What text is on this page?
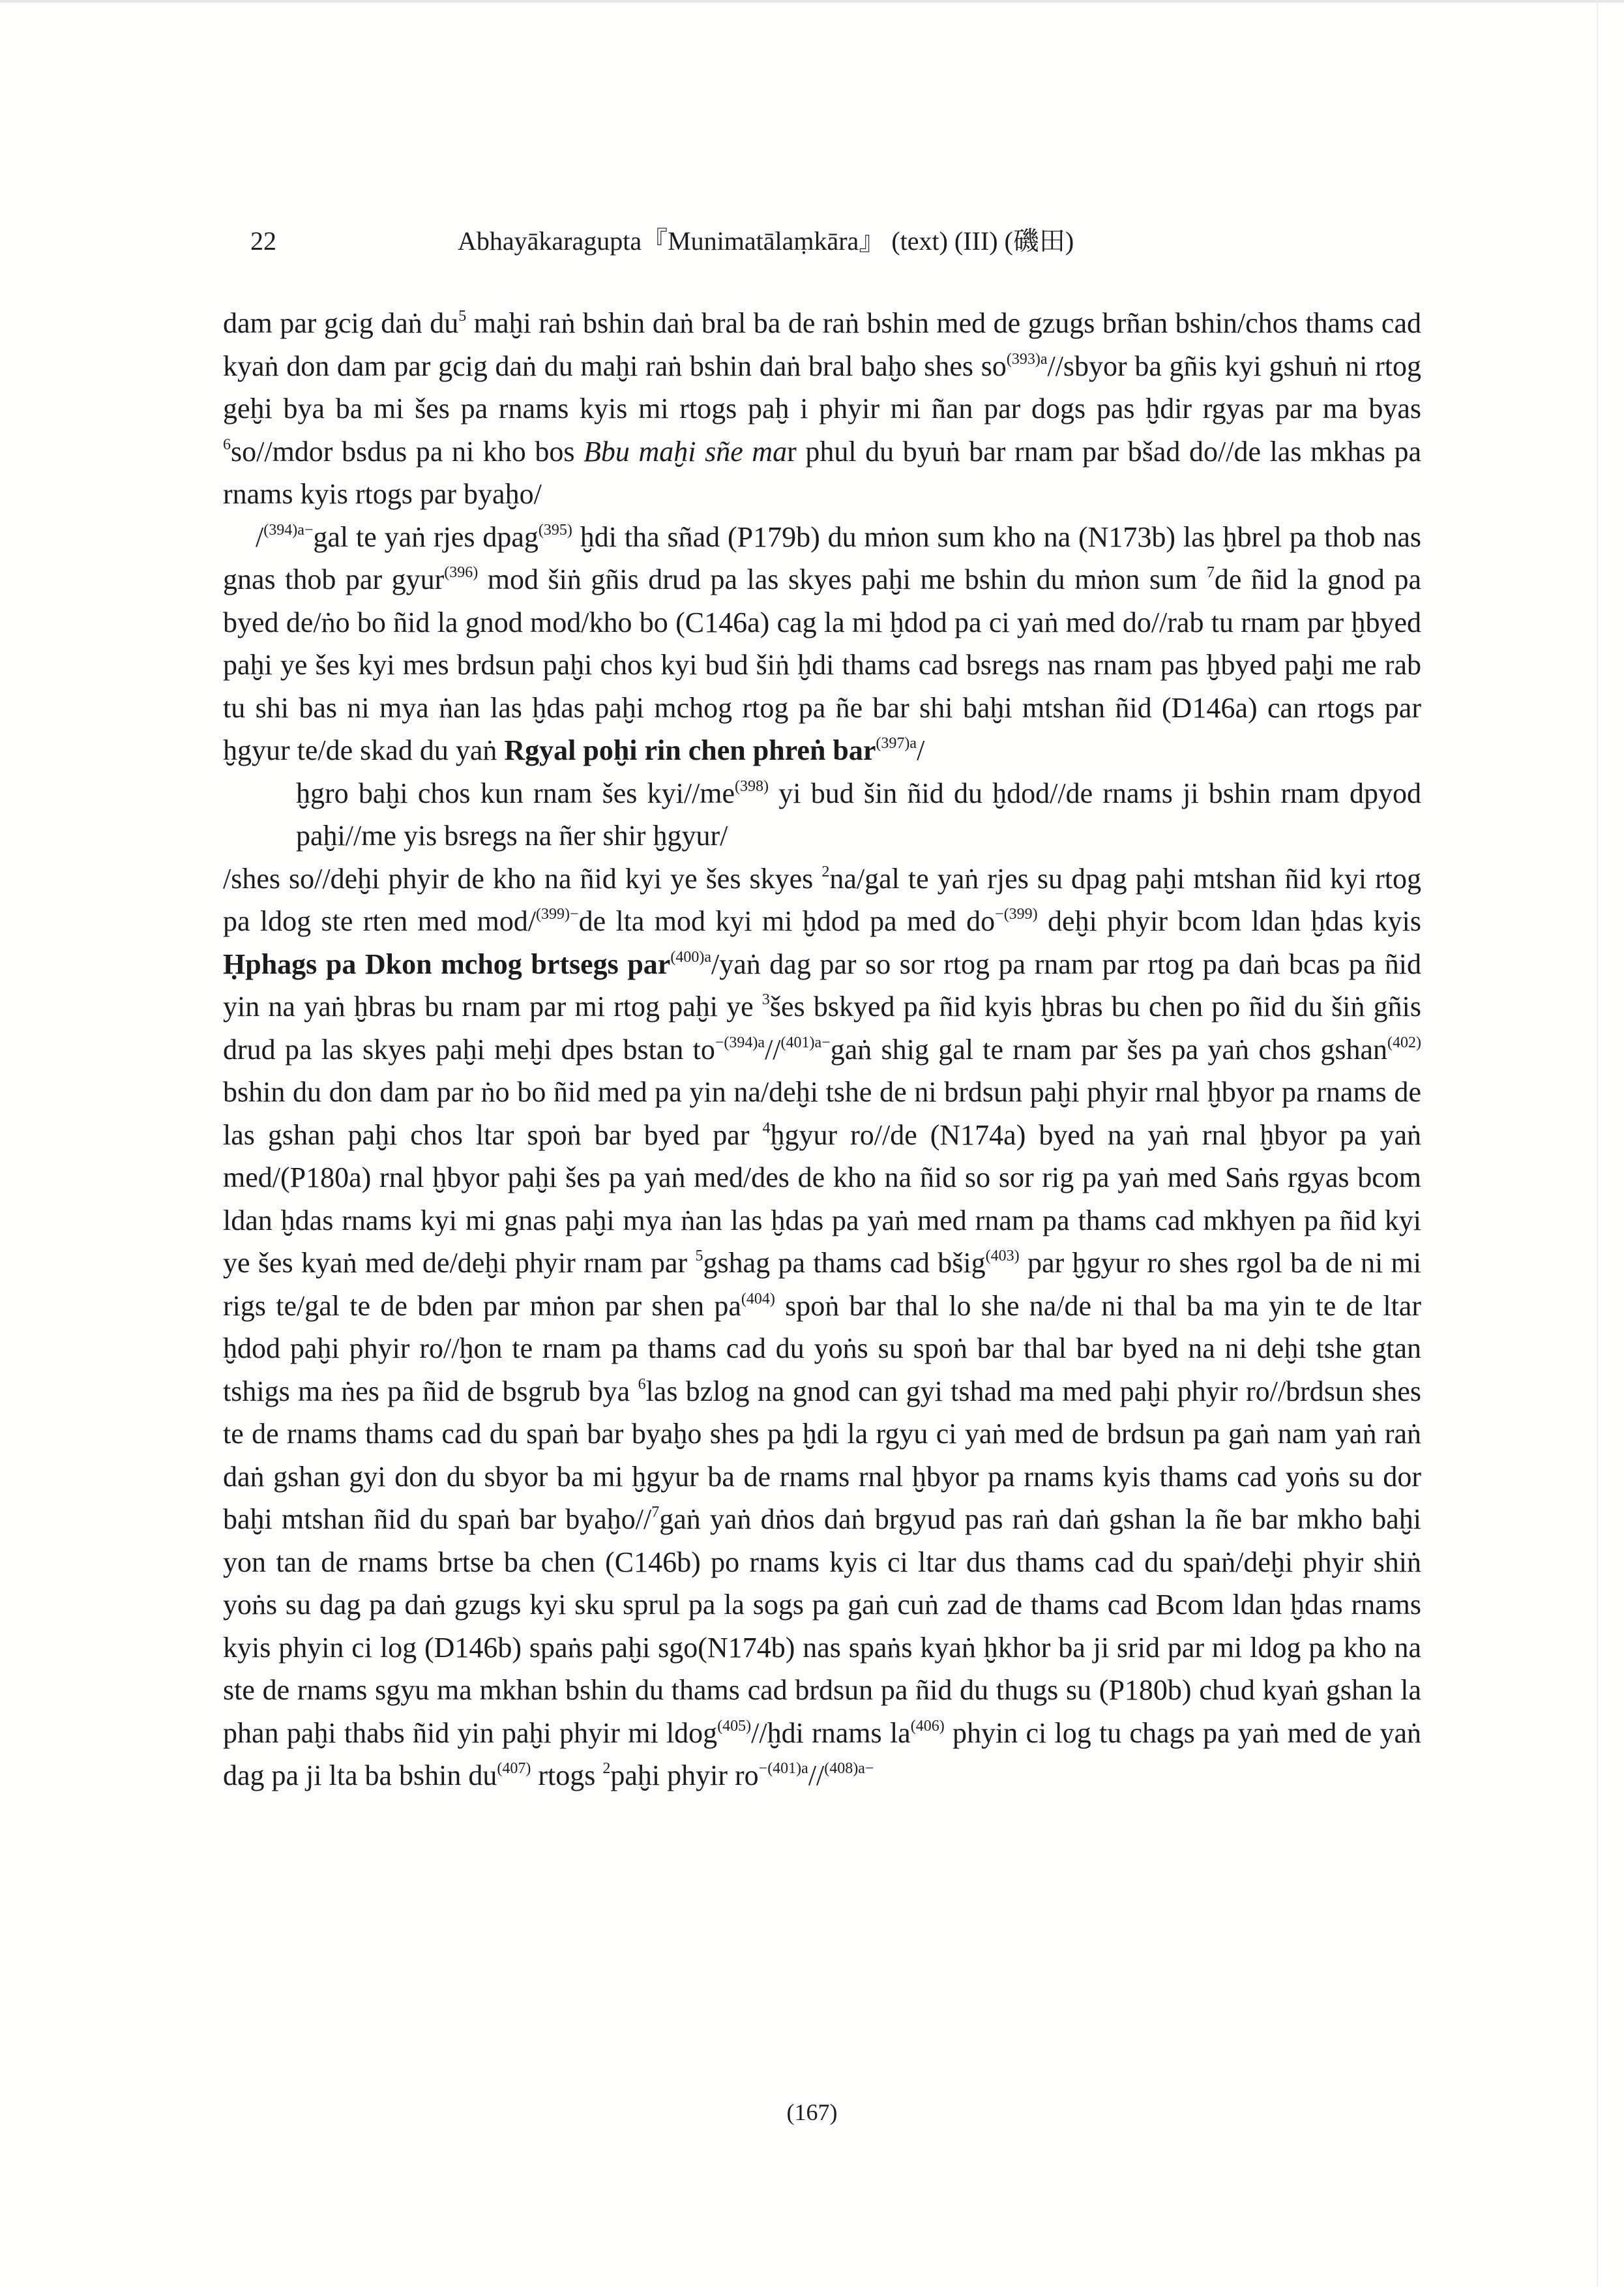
22	Abhayākaragupta『Munimatālaṃkāra』 (text) (III) (磯田)

dam par gcig daṅ $du^5$ maḫi raṅ bshin daṅ bral ba de raṅ bshin med de gzugs brñan bshin/chos thams cad kyaṅ don dam par gcig daṅ du maḫi raṅ bshin daṅ bral baḫo shes $so^{(393)a}/$/sbyor ba gñis kyi gshuṅ ni rtog geḫi bya ba mi šes pa rnams kyis mi rtogs paḫ i phyir mi ñan par dogs pas ḫdir rgyas par ma byas $^6$so//mdor bsdus pa ni kho bos Bbu maḫi sñe mar phul du byuṅ bar rnam par bšad do//de las mkhas pa rnams kyis rtogs par byaḫo/

/$^{(394)a-}$gal te yaṅ rjes dpag$^{(395)}$ ḫdi tha sñad (P179b) du mṅon sum kho na (N173b) las ḫbrel pa thob nas gnas thob par gyur$^{(396)}$ mod šiṅ gñis drud pa las skyes paḫi me bshin du mṅon sum $^7$de ñid la gnod pa byed de/ṅo bo ñid la gnod mod/kho bo (C146a) cag la mi ḫdod pa ci yaṅ med do//rab tu rnam par ḫbyed paḫi ye šes kyi mes brdsun paḫi chos kyi bud šiṅ ḫdi thams cad bsregs nas rnam pas ḫbyed paḫi me rab tu shi bas ni mya ṅan las ḫdas paḫi mchog rtog pa ñe bar shi baḫi mtshan ñid (D146a) can rtogs par ḫgyur te/de skad du yaṅ Rgyal poḫi rin chen phreṅ bar$^{(397)a}$/

ḫgro baḫi chos kun rnam šes kyi/$/me^{(398)}$ yi bud šin ñid du ḫdod//de rnams ji bshin rnam dpyod paḫi//me yis bsregs na ñer shir ḫgyur/

/shes so//deḫi phyir de kho na ñid kyi ye šes skyes $^2$na/gal te yaṅ rjes su dpag paḫi mtshan ñid kyi rtog pa ldog ste rten med mod/$^{(399)-}$de lta mod kyi mi ḫdod pa med $do^{-(399)}$ deḫi phyir bcom ldan ḫdas kyis Ḥphags pa Dkon mchog brtsegs par$^{(400)a}$/yaṅ dag par so sor rtog pa rnam par rtog pa daṅ bcas pa ñid yin na yaṅ ḫbras bu rnam par mi rtog paḫi ye $^3$šes bskyed pa ñid kyis ḫbras bu chen po ñid du šiṅ gñis drud pa las skyes paḫi meḫi dpes bstan $to^{-(394)a}//^{(401)a-}gaṅ$ shig gal te rnam par šes pa yaṅ chos gshan$^{(402)}$ bshin du don dam par ṅo bo ñid med pa yin na/deḫi tshe de ni brdsun paḫi phyir rnal ḫbyor pa rnams de las gshan paḫi chos ltar spoṅ bar byed par $^4$ḫgyur ro//de (N174a) byed na yaṅ rnal ḫbyor pa yaṅ med/(P180a) rnal ḫbyor paḫi šes pa yaṅ med/des de kho na ñid so sor rig pa yaṅ med Saṅs rgyas bcom ldan ḫdas rnams kyi mi gnas paḫi mya ṅan las ḫdas pa yaṅ med rnam pa thams cad mkhyen pa ñid kyi ye šes kyaṅ med de/deḫi phyir rnam par $^5$gshag pa thams cad bšig$^{(403)}$ par ḫgyur ro shes rgol ba de ni mi rigs te/gal te de bden par mṅon par shen $pa^{(404)}$ spoṅ bar thal lo she na/de ni thal ba ma yin te de ltar ḫdod paḫi phyir ro//ḫon te rnam pa thams cad du yoṅs su spoṅ bar thal bar byed na ni deḫi tshe gtan tshigs ma ṅes pa ñid de bsgrub bya $^6$las bzlog na gnod can gyi tshad ma med paḫi phyir ro//brdsun shes te de rnams thams cad du spaṅ bar byaḫo shes pa ḫdi la rgyu ci yaṅ med de brdsun pa gaṅ nam yaṅ raṅ daṅ gshan gyi don du sbyor ba mi ḫgyur ba de rnams rnal ḫbyor pa rnams kyis thams cad yoṅs su dor baḫi mtshan ñid du spaṅ bar byaḫo//$^7$gaṅ yaṅ dṅos daṅ brgyud pas raṅ daṅ gshan la ñe bar mkho baḫi yon tan de rnams brtse ba chen (C146b) po rnams kyis ci ltar dus thams cad du spaṅ/deḫi phyir shiṅ yoṅs su dag pa daṅ gzugs kyi sku sprul pa la sogs pa gaṅ cuṅ zad de thams cad Bcom ldan ḫdas rnams kyis phyin ci log (D146b) spaṅs paḫi sgo(N174b) nas spaṅs kyaṅ ḫkhor ba ji srid par mi ldog pa kho na ste de rnams sgyu ma mkhan bshin du thams cad brdsun pa ñid du thugs su (P180b) chud kyaṅ gshan la phan paḫi thabs ñid yin paḫi phyir mi ldog$^{(405)}$//ḫdi rnams $la^{(406)}$ phyin ci log tu chags pa yaṅ med de yaṅ dag pa ji lta ba bshin $du^{(407)}$ rtogs $^2$paḫi phyir $ro^{-(401)a}//^{(408)a-}$

(167)
